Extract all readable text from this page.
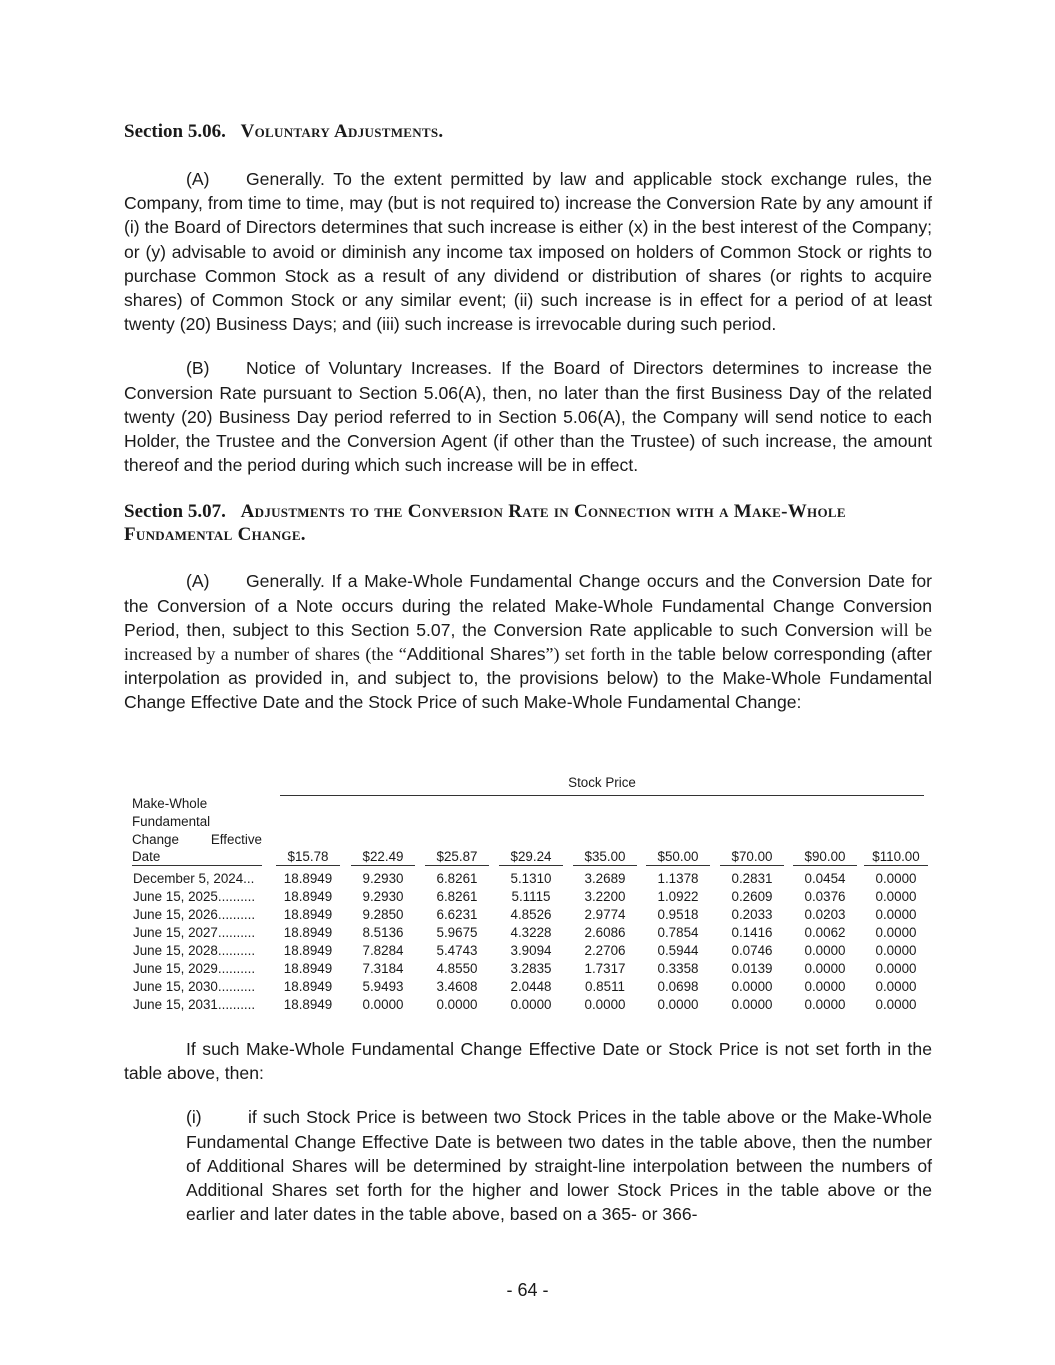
Section 5.06. Voluntary Adjustments.

(A) Generally. To the extent permitted by law and applicable stock exchange rules, the Company, from time to time, may (but is not required to) increase the Conversion Rate by any amount if (i) the Board of Directors determines that such increase is either (x) in the best interest of the Company; or (y) advisable to avoid or diminish any income tax imposed on holders of Common Stock or rights to purchase Common Stock as a result of any dividend or distribution of shares (or rights to acquire shares) of Common Stock or any similar event; (ii) such increase is in effect for a period of at least twenty (20) Business Days; and (iii) such increase is irrevocable during such period.

(B) Notice of Voluntary Increases. If the Board of Directors determines to increase the Conversion Rate pursuant to Section 5.06(A), then, no later than the first Business Day of the related twenty (20) Business Day period referred to in Section 5.06(A), the Company will send notice to each Holder, the Trustee and the Conversion Agent (if other than the Trustee) of such increase, the amount thereof and the period during which such increase will be in effect.

Section 5.07. Adjustments to the Conversion Rate in Connection with a Make-Whole Fundamental Change.

(A) Generally. If a Make-Whole Fundamental Change occurs and the Conversion Date for the Conversion of a Note occurs during the related Make-Whole Fundamental Change Conversion Period, then, subject to this Section 5.07, the Conversion Rate applicable to such Conversion will be increased by a number of shares (the “Additional Shares”) set forth in the table below corresponding (after interpolation as provided in, and subject to, the provisions below) to the Make-Whole Fundamental Change Effective Date and the Stock Price of such Make-Whole Fundamental Change:

Stock Price
Make-Whole
Fundamental
Change Effective
Date	$15.78	$22.49	$25.87	$29.24	$35.00	$50.00	$70.00	$90.00	$110.00
December 5, 2024...	18.8949	9.2930	6.8261	5.1310	3.2689	1.1378	0.2831	0.0454	0.0000
June 15, 2025..........	18.8949	9.2930	6.8261	5.1115	3.2200	1.0922	0.2609	0.0376	0.0000
June 15, 2026..........	18.8949	9.2850	6.6231	4.8526	2.9774	0.9518	0.2033	0.0203	0.0000
June 15, 2027..........	18.8949	8.5136	5.9675	4.3228	2.6086	0.7854	0.1416	0.0062	0.0000
June 15, 2028..........	18.8949	7.8284	5.4743	3.9094	2.2706	0.5944	0.0746	0.0000	0.0000
June 15, 2029..........	18.8949	7.3184	4.8550	3.2835	1.7317	0.3358	0.0139	0.0000	0.0000
June 15, 2030..........	18.8949	5.9493	3.4608	2.0448	0.8511	0.0698	0.0000	0.0000	0.0000
June 15, 2031..........	18.8949	0.0000	0.0000	0.0000	0.0000	0.0000	0.0000	0.0000	0.0000

If such Make-Whole Fundamental Change Effective Date or Stock Price is not set forth in the table above, then:

(i)	if such Stock Price is between two Stock Prices in the table above or the Make-Whole Fundamental Change Effective Date is between two dates in the table above, then the number of Additional Shares will be determined by straight-line interpolation between the numbers of Additional Shares set forth for the higher and lower Stock Prices in the table above or the earlier and later dates in the table above, based on a 365- or 366-

- 64 -
